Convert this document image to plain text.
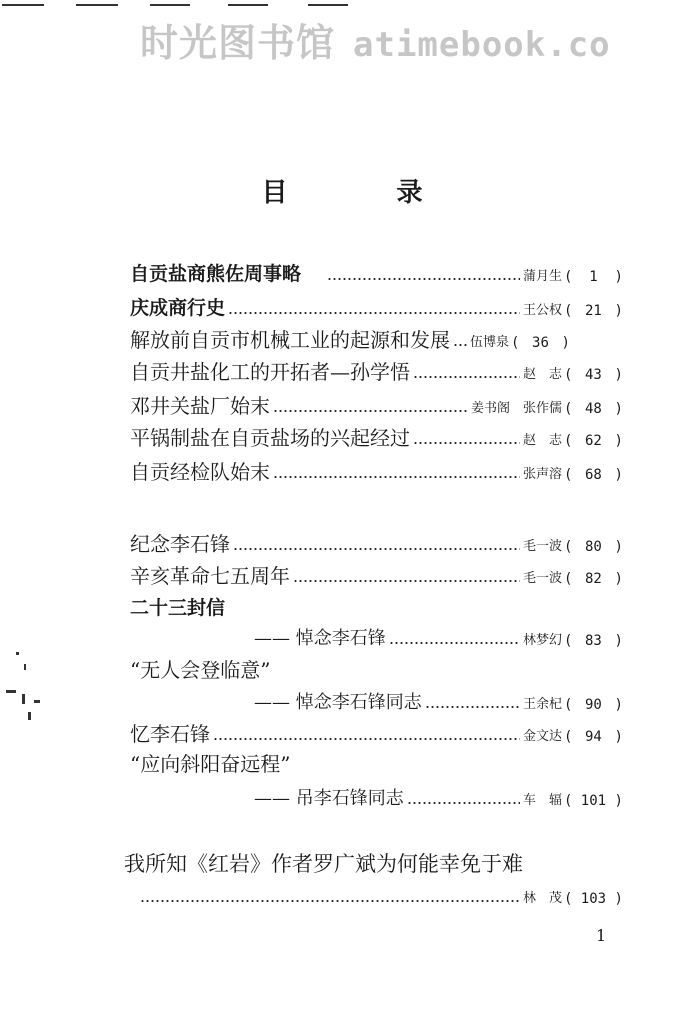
时光图书馆 atimebook.co
目 录
自贡盐商熊佐周事略	蒲月生 ( 1 )
庆成商行史	王公权 ( 21 )
解放前自贡市机械工业的起源和发展 伍博泉 ( 36 )
自贡井盐化工的开拓者—孙学悟	赵　志 ( 43 )
邓井关盐厂始末	姜书阁　张作儒 ( 48 )
平锅制盐在自贡盐场的兴起经过	赵　志 ( 62 )
自贡经检队始末	张声溶 ( 68 )
纪念李石锋	毛一波 ( 80 )
辛亥革命七五周年	毛一波 ( 82 )
二十三封信
—— 悼念李石锋	林梦幻 ( 83 )
“无人会登临意”
—— 悼念李石锋同志	王余杞 ( 90 )
忆李石锋	金文达 ( 94 )
“应向斜阳奋远程”
—— 吊李石锋同志	车　辐 ( 101 )
我所知《红岩》作者罗广斌为何能幸免于难
林　茂 ( 103 )
1
